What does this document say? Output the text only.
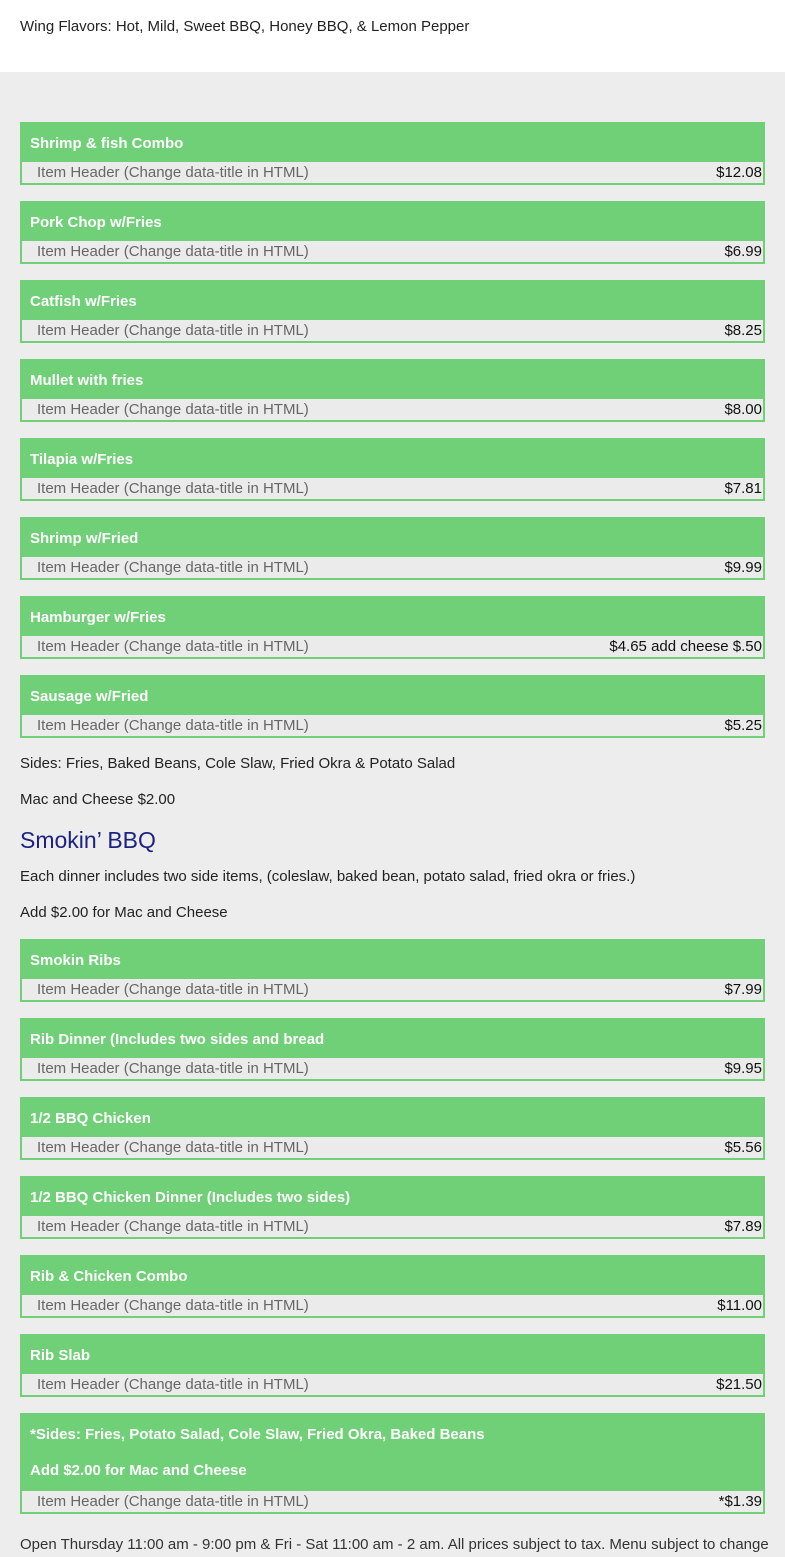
Wing Flavors: Hot, Mild, Sweet BBQ, Honey BBQ, & Lemon Pepper

Shrimp & fish Combo
Item Header (Change data-title in HTML)	$12.08
Pork Chop w/Fries
Item Header (Change data-title in HTML)	$6.99
Catfish w/Fries
Item Header (Change data-title in HTML)	$8.25
Mullet with fries
Item Header (Change data-title in HTML)	$8.00
Tilapia w/Fries
Item Header (Change data-title in HTML)	$7.81
Shrimp w/Fried
Item Header (Change data-title in HTML)	$9.99
Hamburger w/Fries
Item Header (Change data-title in HTML)	$4.65 add cheese $.50
Sausage w/Fried
Item Header (Change data-title in HTML)	$5.25

Sides: Fries, Baked Beans, Cole Slaw, Fried Okra & Potato Salad

Mac and Cheese $2.00

Smokin’ BBQ

Each dinner includes two side items, (coleslaw, baked bean, potato salad, fried okra or fries.)

Add $2.00 for Mac and Cheese

Smokin Ribs
Item Header (Change data-title in HTML)	$7.99
Rib Dinner (Includes two sides and bread
Item Header (Change data-title in HTML)	$9.95
1/2 BBQ Chicken
Item Header (Change data-title in HTML)	$5.56
1/2 BBQ Chicken Dinner (Includes two sides)
Item Header (Change data-title in HTML)	$7.89
Rib & Chicken Combo
Item Header (Change data-title in HTML)	$11.00
Rib Slab
Item Header (Change data-title in HTML)	$21.50
*Sides: Fries, Potato Salad, Cole Slaw, Fried Okra, Baked Beans
Add $2.00 for Mac and Cheese
Item Header (Change data-title in HTML)	*$1.39
Open Thursday 11:00 am - 9:00 pm & Fri - Sat 11:00 am - 2 am. All prices subject to tax. Menu subject to change
